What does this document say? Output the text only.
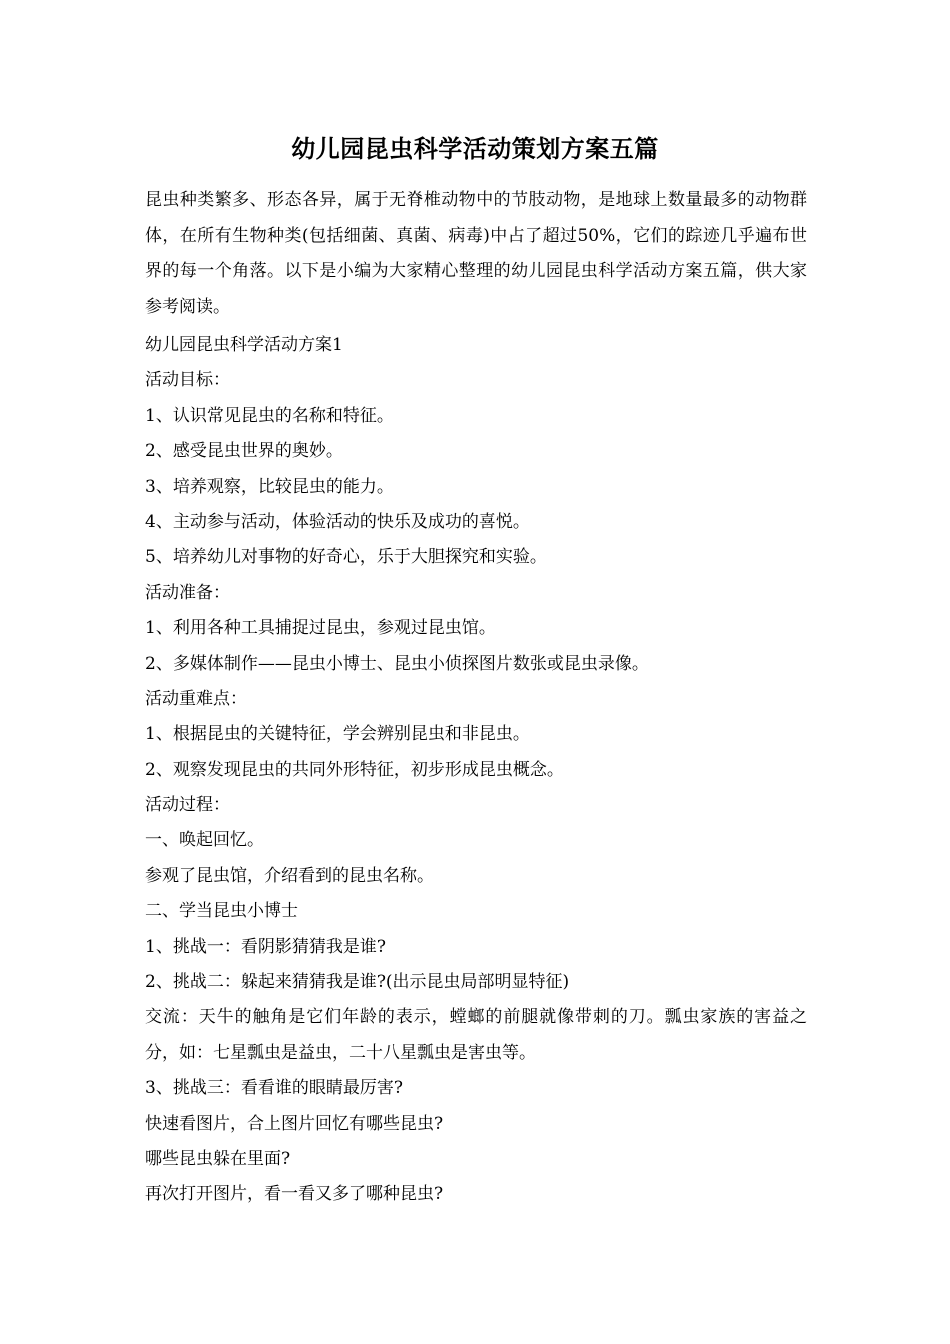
幼儿园昆虫科学活动策划方案五篇
昆虫种类繁多、形态各异，属于无脊椎动物中的节肢动物，是地球上数量最多的动物群体，在所有生物种类(包括细菌、真菌、病毒)中占了超过50%，它们的踪迹几乎遍布世界的每一个角落。以下是小编为大家精心整理的幼儿园昆虫科学活动方案五篇，供大家参考阅读。
幼儿园昆虫科学活动方案1
活动目标：
1、认识常见昆虫的名称和特征。
2、感受昆虫世界的奥妙。
3、培养观察，比较昆虫的能力。
4、主动参与活动，体验活动的快乐及成功的喜悦。
5、培养幼儿对事物的好奇心，乐于大胆探究和实验。
活动准备：
1、利用各种工具捕捉过昆虫，参观过昆虫馆。
2、多媒体制作——昆虫小博士、昆虫小侦探图片数张或昆虫录像。
活动重难点：
1、根据昆虫的关键特征，学会辨别昆虫和非昆虫。
2、观察发现昆虫的共同外形特征，初步形成昆虫概念。
活动过程：
一、唤起回忆。
参观了昆虫馆，介绍看到的昆虫名称。
二、学当昆虫小博士
1、挑战一：看阴影猜猜我是谁?
2、挑战二：躲起来猜猜我是谁?(出示昆虫局部明显特征)
交流：天牛的触角是它们年龄的表示，螳螂的前腿就像带刺的刀。瓢虫家族的害益之分，如：七星瓢虫是益虫，二十八星瓢虫是害虫等。
3、挑战三：看看谁的眼睛最厉害?
快速看图片，合上图片回忆有哪些昆虫?
哪些昆虫躲在里面?
再次打开图片，看一看又多了哪种昆虫?
